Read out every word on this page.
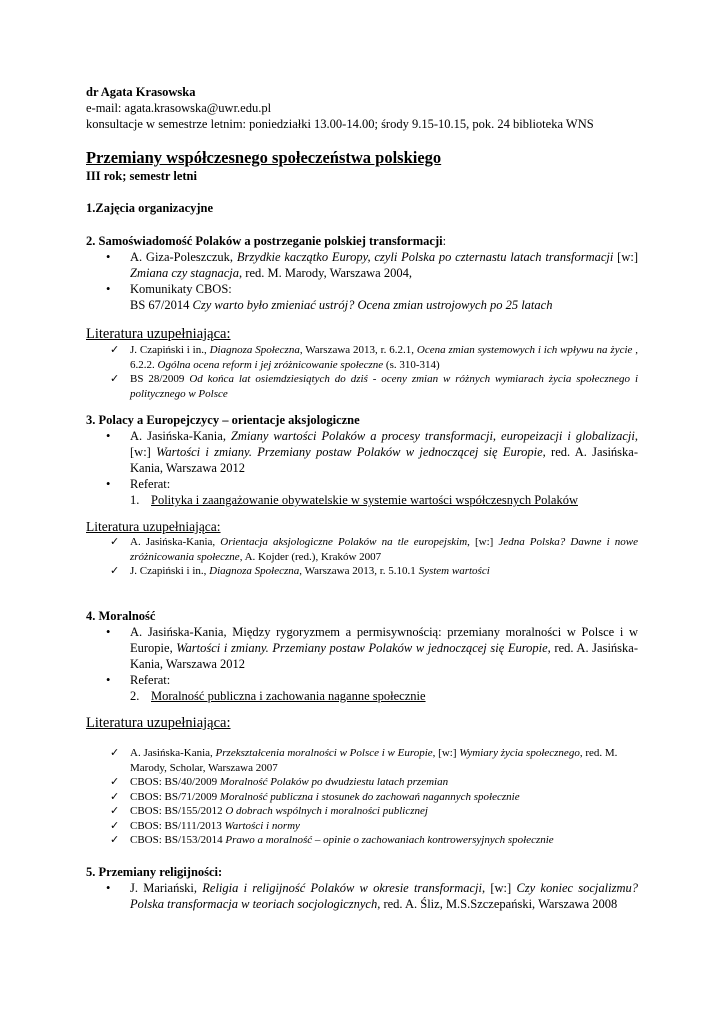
dr Agata Krasowska
e-mail: agata.krasowska@uwr.edu.pl
konsultacje w semestrze letnim: poniedziałki 13.00-14.00; środy 9.15-10.15, pok. 24 biblioteka WNS
Przemiany współczesnego społeczeństwa polskiego
III rok; semestr letni
1.Zajęcia organizacyjne
2. Samoświadomość Polaków a postrzeganie polskiej transformacji:
• A. Giza-Poleszczuk, Brzydkie kaczątko Europy, czyli Polska po czternastu latach transformacji [w:] Zmiana czy stagnacja, red. M. Marody, Warszawa 2004,
• Komunikaty CBOS:
BS 67/2014 Czy warto było zmieniać ustrój? Ocena zmian ustrojowych po 25 latach
Literatura uzupełniająca:
✓ J. Czapiński i in., Diagnoza Społeczna, Warszawa 2013, r. 6.2.1, Ocena zmian systemowych i ich wpływu na życie , 6.2.2. Ogólna ocena reform i jej zróżnicowanie społeczne (s. 310-314)
✓ BS 28/2009 Od końca lat osiemdziesiątych do dziś - oceny zmian w różnych wymiarach życia społecznego i politycznego w Polsce
3. Polacy a Europejczycy – orientacje aksjologiczne
• A. Jasińska-Kania, Zmiany wartości Polaków a procesy transformacji, europeizacji i globalizacji, [w:] Wartości i zmiany. Przemiany postaw Polaków w jednoczącej się Europie, red. A. Jasińska-Kania, Warszawa 2012
• Referat:
1. Polityka i zaangażowanie obywatelskie w systemie wartości współczesnych Polaków
Literatura uzupełniająca:
✓ A. Jasińska-Kania, Orientacja aksjologiczne Polaków na tle europejskim, [w:] Jedna Polska? Dawne i nowe zróżnicowania społeczne, A. Kojder (red.), Kraków 2007
✓ J. Czapiński i in., Diagnoza Społeczna, Warszawa 2013, r. 5.10.1 System wartości
4. Moralność
• A. Jasińska-Kania, Między rygoryzmem a permisywnością: przemiany moralności w Polsce i w Europie, Wartości i zmiany. Przemiany postaw Polaków w jednoczącej się Europie, red. A. Jasińska-Kania, Warszawa 2012
• Referat:
2. Moralność publiczna i zachowania naganne społecznie
Literatura uzupełniająca:
✓ A. Jasińska-Kania, Przekształcenia moralności w Polsce i w Europie, [w:] Wymiary życia społecznego, red. M. Marody, Scholar, Warszawa 2007
✓ CBOS: BS/40/2009 Moralność Polaków po dwudziestu latach przemian
✓ CBOS: BS/71/2009 Moralność publiczna i stosunek do zachowań nagannych społecznie
✓ CBOS: BS/155/2012 O dobrach wspólnych i moralności publicznej
✓ CBOS: BS/111/2013 Wartości i normy
✓ CBOS: BS/153/2014 Prawo a moralność – opinie o zachowaniach kontrowersyjnych społecznie
5. Przemiany religijności:
• J. Mariański, Religia i religijność Polaków w okresie transformacji, [w:] Czy koniec socjalizmu? Polska transformacja w teoriach socjologicznych, red. A. Śliz, M.S.Szczepański, Warszawa 2008
